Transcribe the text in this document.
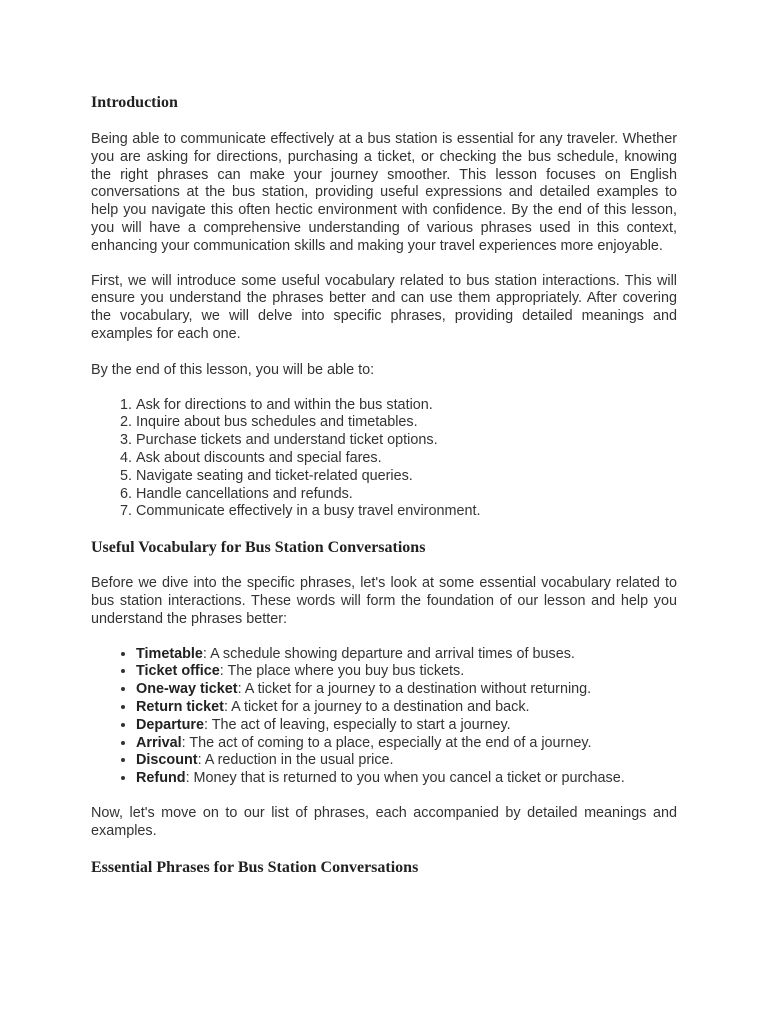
Introduction

Being able to communicate effectively at a bus station is essential for any traveler. Whether you are asking for directions, purchasing a ticket, or checking the bus schedule, knowing the right phrases can make your journey smoother. This lesson focuses on English conversations at the bus station, providing useful expressions and detailed examples to help you navigate this often hectic environment with confidence. By the end of this lesson, you will have a comprehensive understanding of various phrases used in this context, enhancing your communication skills and making your travel experiences more enjoyable.

First, we will introduce some useful vocabulary related to bus station interactions. This will ensure you understand the phrases better and can use them appropriately. After covering the vocabulary, we will delve into specific phrases, providing detailed meanings and examples for each one.

By the end of this lesson, you will be able to:

1. Ask for directions to and within the bus station.
2. Inquire about bus schedules and timetables.
3. Purchase tickets and understand ticket options.
4. Ask about discounts and special fares.
5. Navigate seating and ticket-related queries.
6. Handle cancellations and refunds.
7. Communicate effectively in a busy travel environment.
Useful Vocabulary for Bus Station Conversations

Before we dive into the specific phrases, let's look at some essential vocabulary related to bus station interactions. These words will form the foundation of our lesson and help you understand the phrases better:

• Timetable: A schedule showing departure and arrival times of buses.
• Ticket office: The place where you buy bus tickets.
• One-way ticket: A ticket for a journey to a destination without returning.
• Return ticket: A ticket for a journey to a destination and back.
• Departure: The act of leaving, especially to start a journey.
• Arrival: The act of coming to a place, especially at the end of a journey.
• Discount: A reduction in the usual price.
• Refund: Money that is returned to you when you cancel a ticket or purchase.

Now, let's move on to our list of phrases, each accompanied by detailed meanings and examples.

Essential Phrases for Bus Station Conversations
